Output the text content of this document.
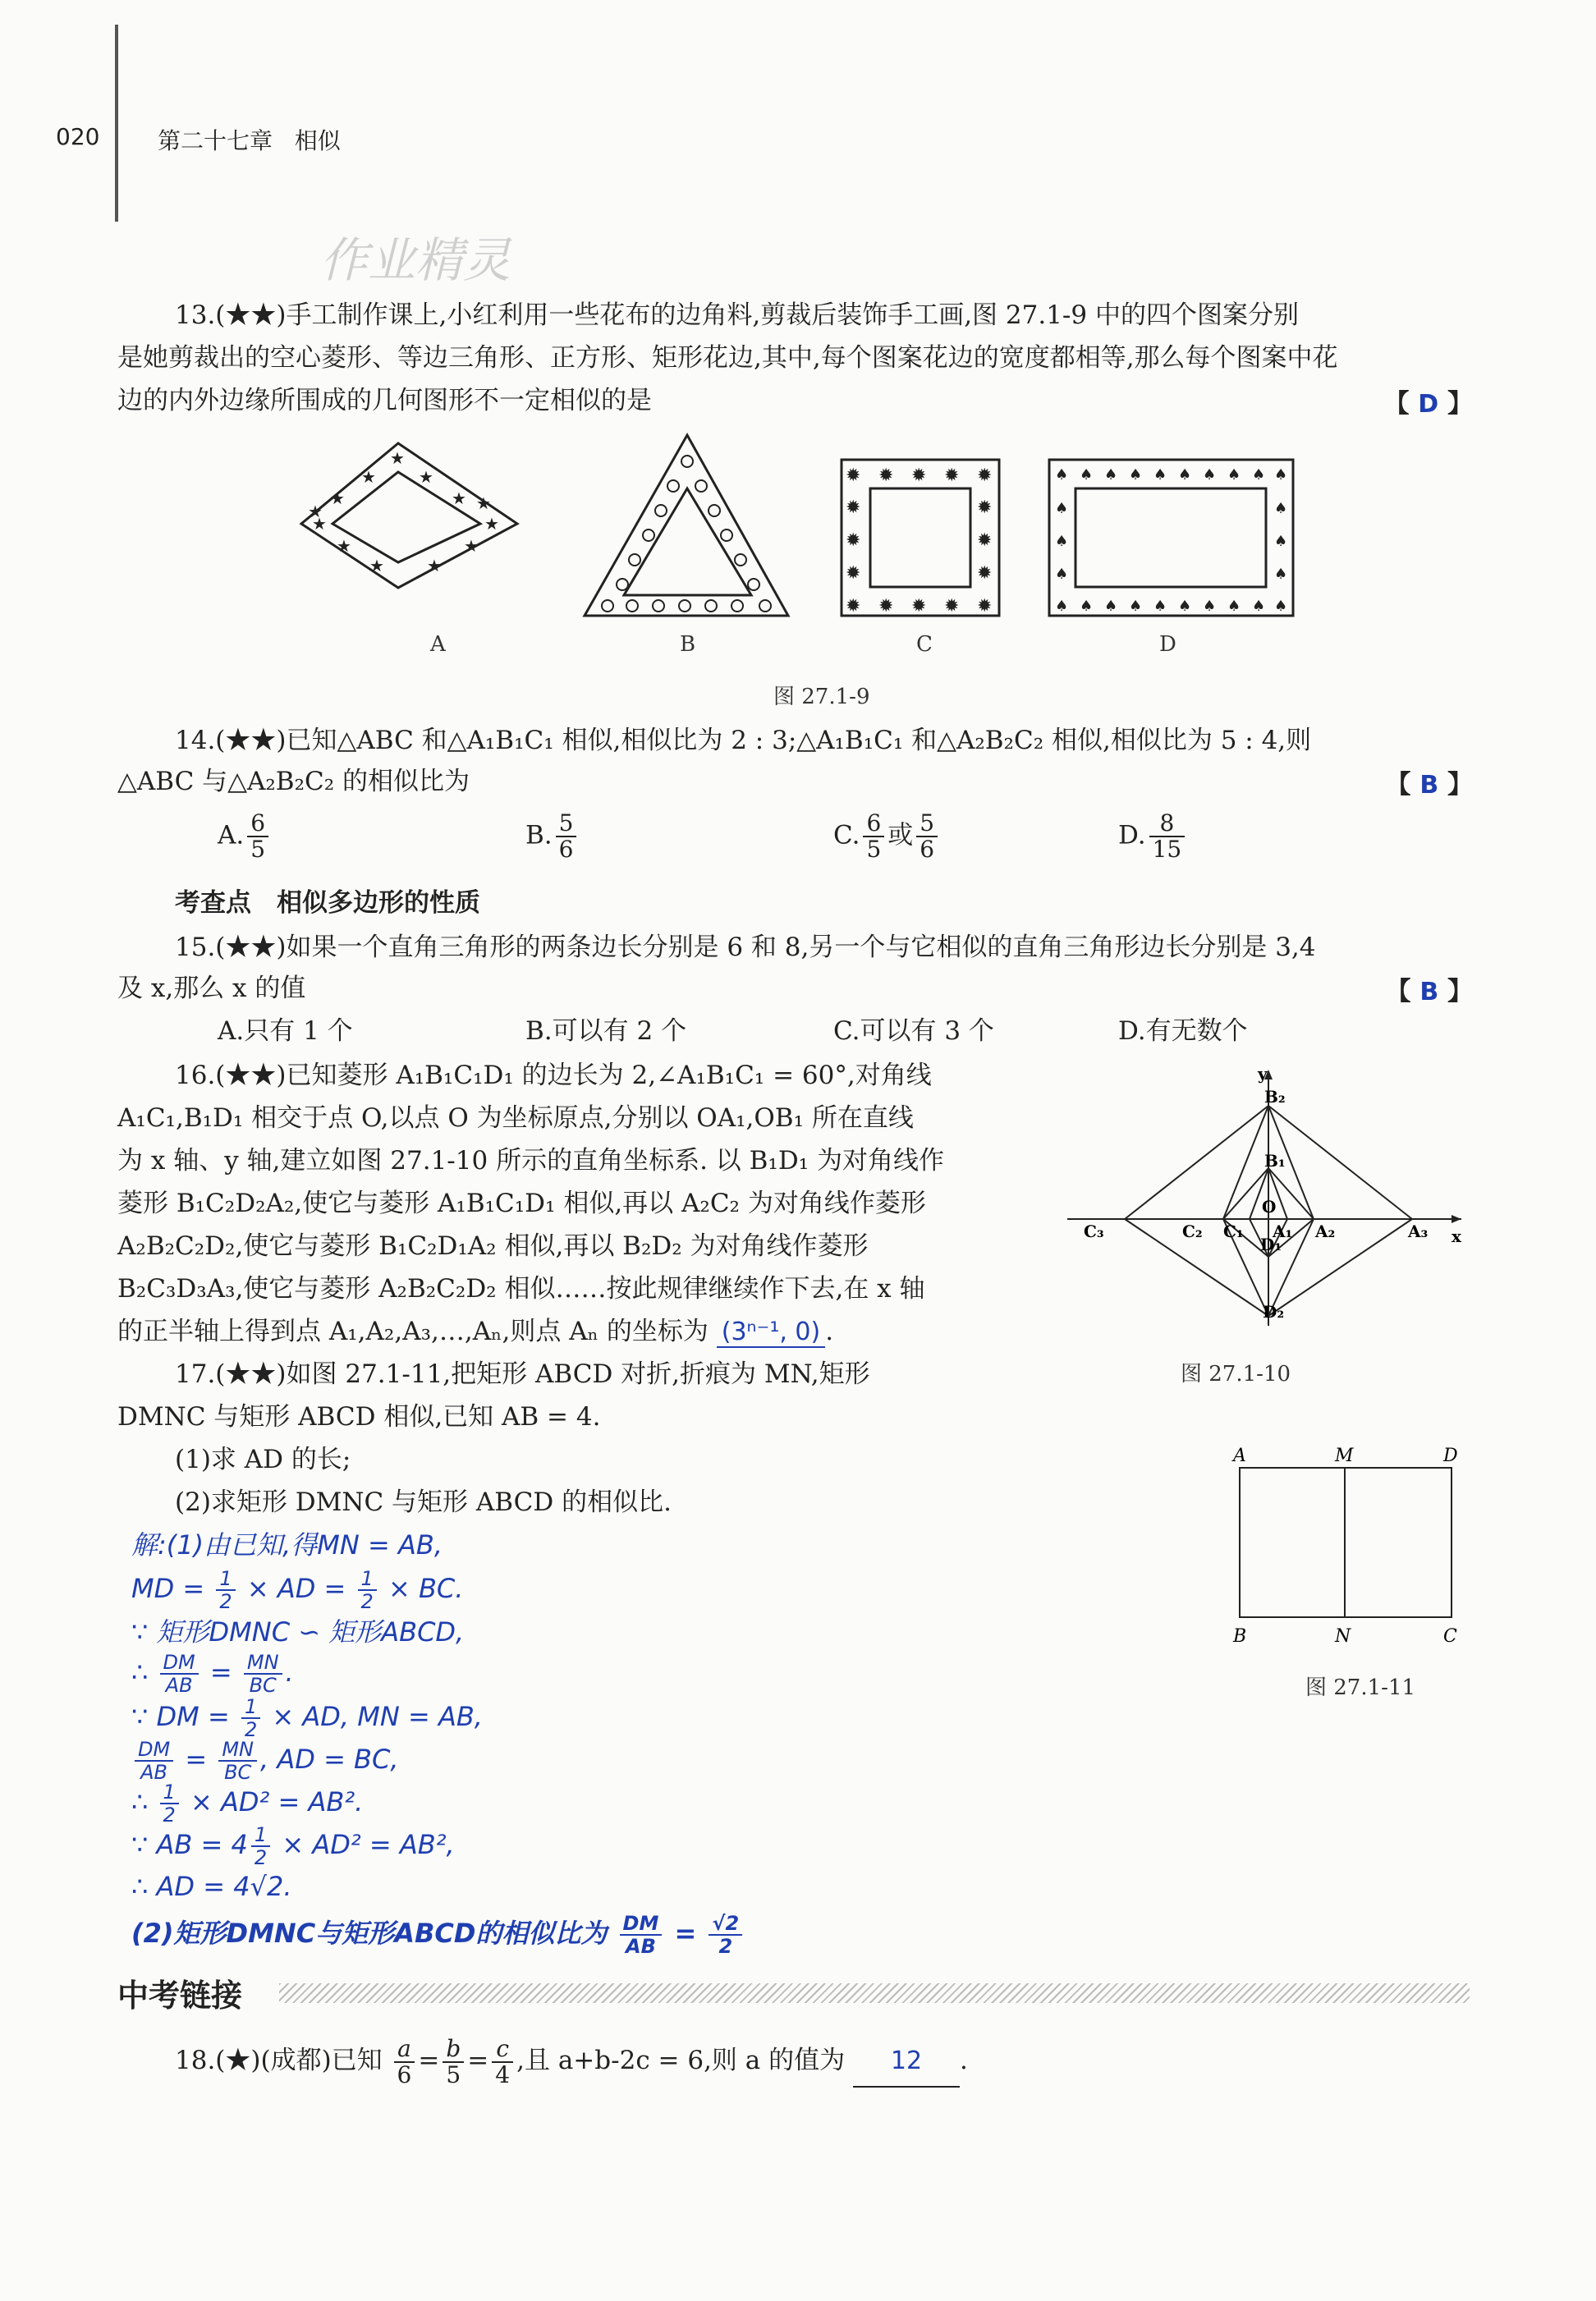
020	第二十七章 相似
作业精灵
13.(★★)手工制作课上,小红利用一些花布的边角料,剪裁后装饰手工画,图 27.1-9 中的四个图案分别
是她剪裁出的空心菱形、等边三角形、正方形、矩形花边,其中,每个图案花边的宽度都相等,那么每个图案中花
边的内外边缘所围成的几何图形不一定相似的是	【 D 】
★
★	★
★	★
★	★
★	★
★	★
★
★
✹ ✹ ✹ ✹ ✹
✹ ✹ ✹ ✹ ✹
✹
✹
✹
✹
✹
✹
♠ ♠ ♠ ♠ ♠ ♠ ♠ ♠ ♠ ♠
♠ ♠ ♠ ♠ ♠ ♠ ♠ ♠ ♠ ♠
♠
♠
♠
♠
♠
♠
A	B	C	D
图 27.1-9
14.(★★)已知△ABC 和△A₁B₁C₁ 相似,相似比为 2 : 3;△A₁B₁C₁ 和△A₂B₂C₂ 相似,相似比为 5 : 4,则
△ABC 与△A₂B₂C₂ 的相似比为	【 B 】
A. $\frac{6}{5}$	B. $\frac{5}{6}$	C. $\frac{6}{5}$ 或 $\frac{5}{6}$	D. $\frac{8}{15}$
考查点　相似多边形的性质
15.(★★)如果一个直角三角形的两条边长分别是 6 和 8,另一个与它相似的直角三角形边长分别是 3,4
及 x,那么 x 的值	【 B 】
A.只有 1 个	B.可以有 2 个	C.可以有 3 个	D.有无数个
16.(★★)已知菱形 A₁B₁C₁D₁ 的边长为 2,∠A₁B₁C₁ = 60°,对角线
A₁C₁,B₁D₁ 相交于点 O,以点 O 为坐标原点,分别以 OA₁,OB₁ 所在直线
为 x 轴、y 轴,建立如图 27.1-10 所示的直角坐标系. 以 B₁D₁ 为对角线作
菱形 B₁C₂D₂A₂,使它与菱形 A₁B₁C₁D₁ 相似,再以 A₂C₂ 为对角线作菱形
A₂B₂C₂D₂,使它与菱形 B₁C₂D₁A₂ 相似,再以 B₂D₂ 为对角线作菱形
B₂C₃D₃A₃,使它与菱形 A₂B₂C₂D₂ 相似……按此规律继续作下去,在 x 轴
的正半轴上得到点 A₁,A₂,A₃,…,Aₙ,则点 Aₙ 的坐标为 (3ⁿ⁻¹, 0) .
y
x
B₂
B₁
O
C₃	C₂ C₁ A₁ A₂	A₃
D₁
D₂
图 27.1-10
17.(★★)如图 27.1-11,把矩形 ABCD 对折,折痕为 MN,矩形
DMNC 与矩形 ABCD 相似,已知 AB = 4.
(1)求 AD 的长;
(2)求矩形 DMNC 与矩形 ABCD 的相似比.
A	M	D
B	N	C
图 27.1-11
解:(1)由已知,得MN = AB,
MD = $\frac{1}{2}$ × AD = $\frac{1}{2}$ × BC.
∵ 矩形DMNC ∽ 矩形ABCD,
∴ $\frac{DM}{AB} = \frac{MN}{BC}$ .
∵ DM = $\frac{1}{2}$ × AD, MN = AB,
$\frac{DM}{AB} = \frac{MN}{BC}$ , AD = BC,
∴ $\frac{1}{2} \times AD^2 = AB^2$.
∵ AB = $4 \frac{1}{2} \times AD^2 = AB^2$,
∴ AD = 4√2.
(2)矩形DMNC与矩形ABCD的相似比为 $\frac{DM}{AB} = \frac{√2}{2}$
中考链接
18.(★)(成都)已知 $\frac{a}{6} = \frac{b}{5} = \frac{c}{4}$ ,且 a+b-2c = 6,则 a 的值为 12 .
